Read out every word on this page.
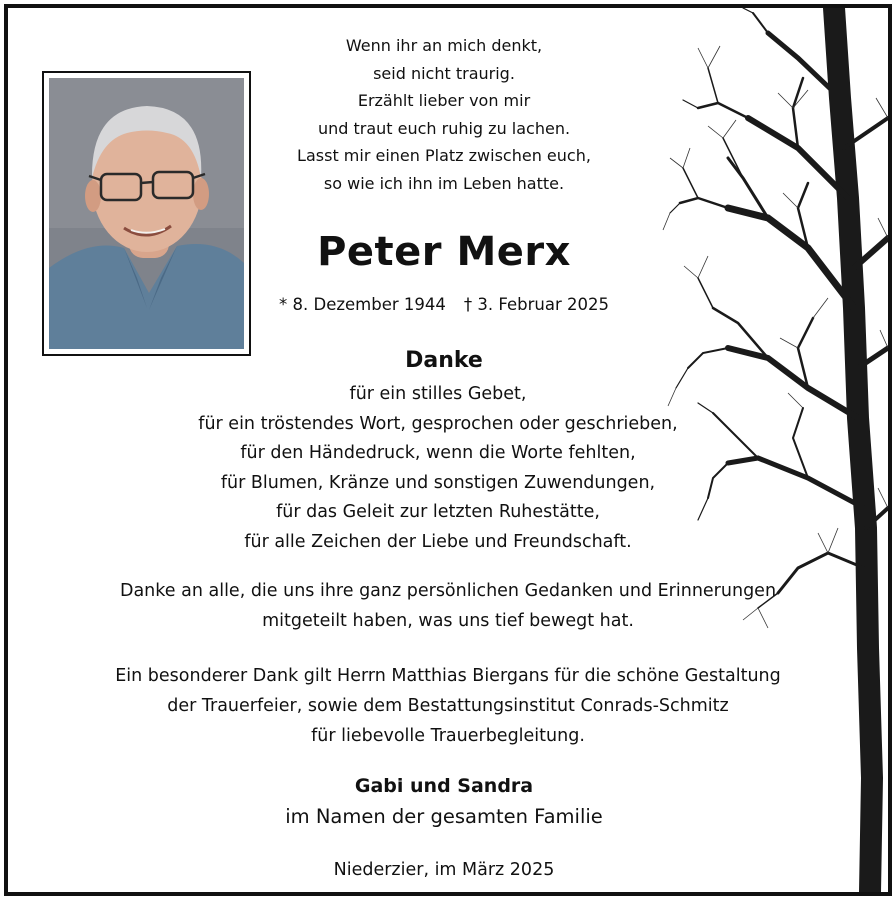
Wenn ihr an mich denkt,
seid nicht traurig.
Erzählt lieber von mir
und traut euch ruhig zu lachen.
Lasst mir einen Platz zwischen euch,
so wie ich ihn im Leben hatte.
Peter Merx
* 8. Dezember 1944 † 3. Februar 2025
Danke
für ein stilles Gebet,
für ein tröstendes Wort, gesprochen oder geschrieben,
für den Händedruck, wenn die Worte fehlten,
für Blumen, Kränze und sonstigen Zuwendungen,
für das Geleit zur letzten Ruhestätte,
für alle Zeichen der Liebe und Freundschaft.
Danke an alle, die uns ihre ganz persönlichen Gedanken und Erinnerungen
mitgeteilt haben, was uns tief bewegt hat.
Ein besonderer Dank gilt Herrn Matthias Biergans für die schöne Gestaltung
der Trauerfeier, sowie dem Bestattungsinstitut Conrads-Schmitz
für liebevolle Trauerbegleitung.
Gabi und Sandra
im Namen der gesamten Familie
Niederzier, im März 2025
